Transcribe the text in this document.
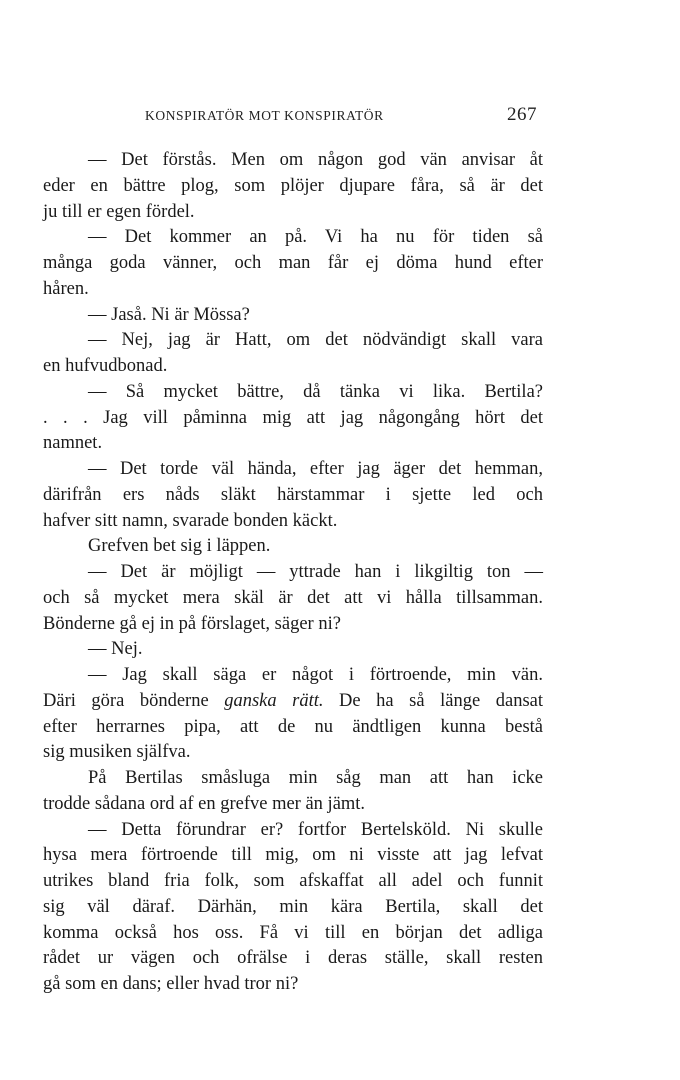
KONSPIRATÖR MOT KONSPIRATÖR	267
— Det förstås. Men om någon god vän anvisar åt
eder en bättre plog, som plöjer djupare fåra, så är det
ju till er egen fördel.
— Det kommer an på. Vi ha nu för tiden så
många goda vänner, och man får ej döma hund efter
håren.
— Jaså. Ni är Mössa?
— Nej, jag är Hatt, om det nödvändigt skall vara
en hufvudbonad.
— Så mycket bättre, då tänka vi lika. Bertila?
. . . Jag vill påminna mig att jag någongång hört det
namnet.
— Det torde väl hända, efter jag äger det hemman,
därifrån ers nåds släkt härstammar i sjette led och
hafver sitt namn, svarade bonden käckt.
Grefven bet sig i läppen.
— Det är möjligt — yttrade han i likgiltig ton —
och så mycket mera skäl är det att vi hålla tillsamman.
Bönderne gå ej in på förslaget, säger ni?
— Nej.
— Jag skall säga er något i förtroende, min vän.
Däri göra bönderne ganska rätt. De ha så länge dansat
efter herrarnes pipa, att de nu ändtligen kunna bestå
sig musiken själfva.
På Bertilas småsluga min såg man att han icke
trodde sådana ord af en grefve mer än jämt.
— Detta förundrar er? fortfor Bertelsköld. Ni skulle
hysa mera förtroende till mig, om ni visste att jag lefvat
utrikes bland fria folk, som afskaffat all adel och funnit
sig väl däraf. Därhän, min kära Bertila, skall det
komma också hos oss. Få vi till en början det adliga
rådet ur vägen och ofrälse i deras ställe, skall resten
gå som en dans; eller hvad tror ni?
